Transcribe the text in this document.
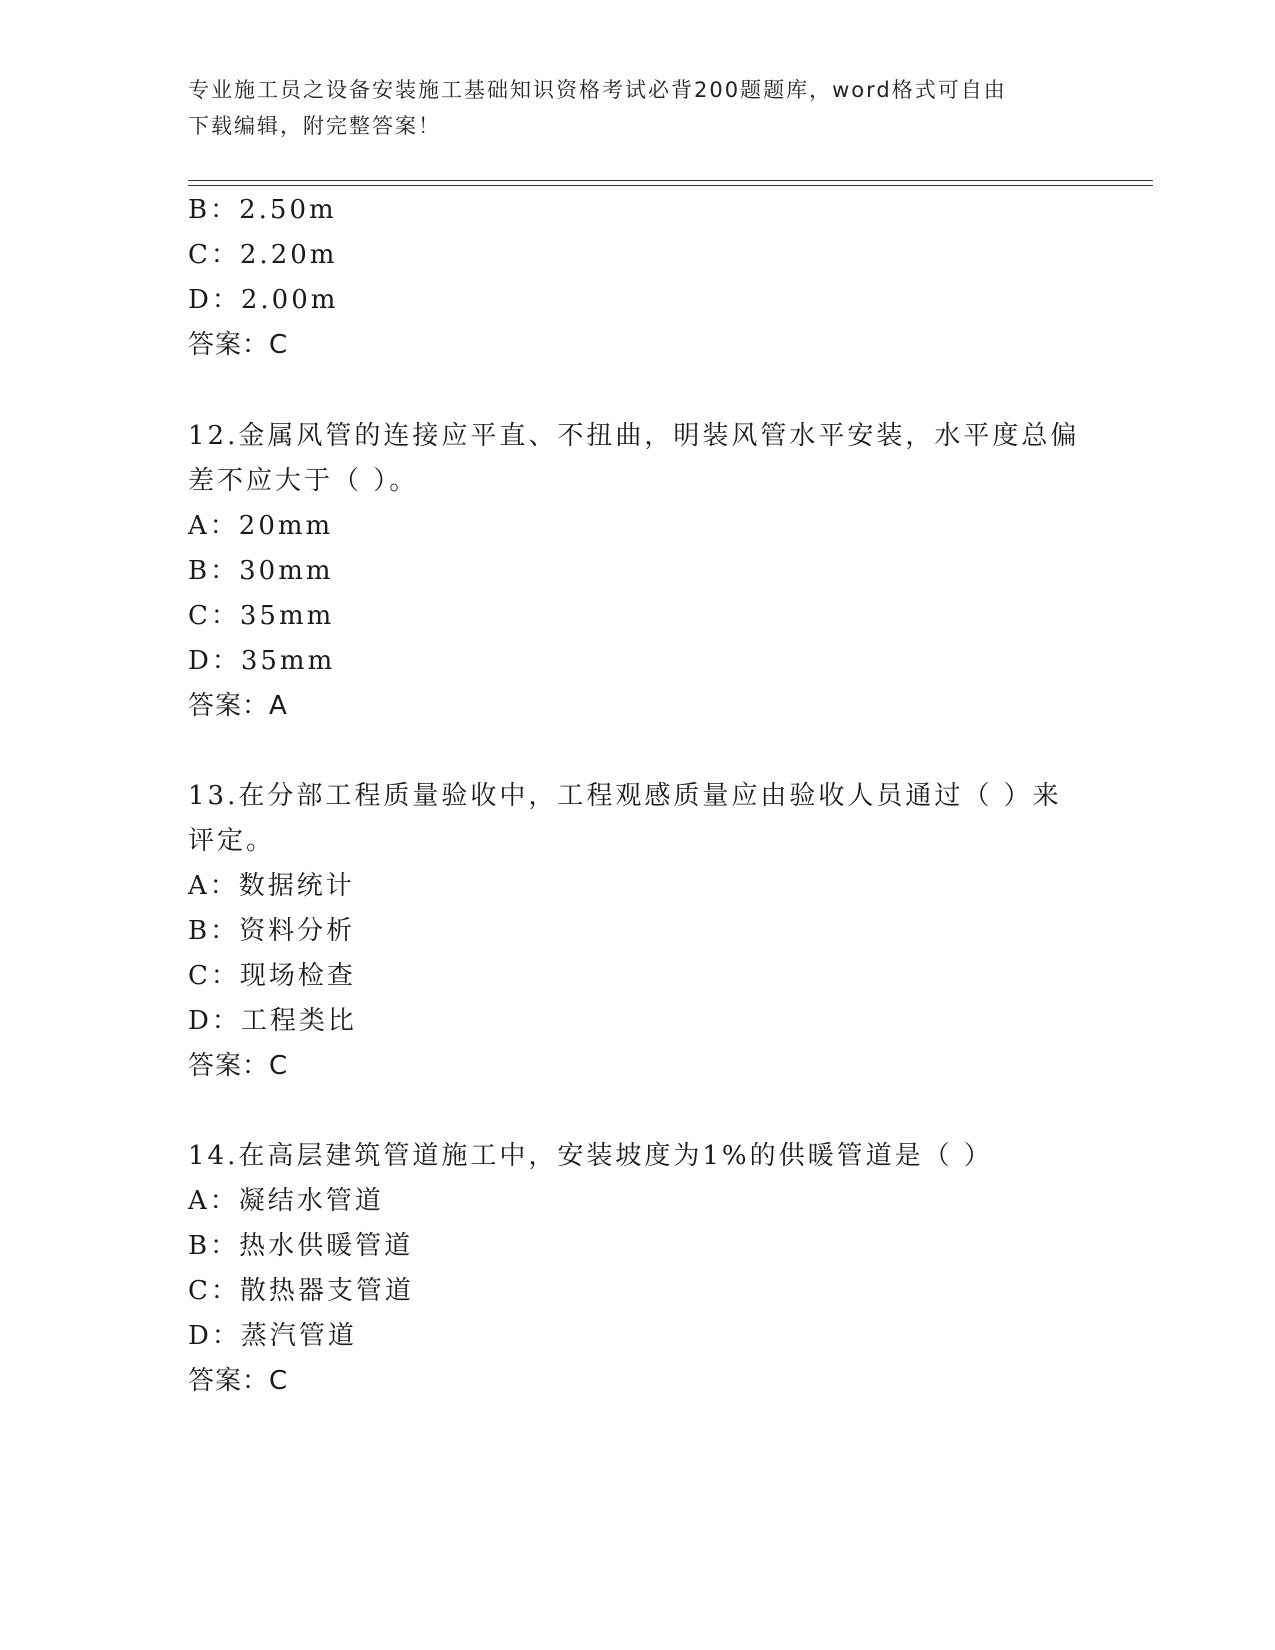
专业施工员之设备安装施工基础知识资格考试必背200题题库，word格式可自由
下载编辑，附完整答案！
B：2.50m
C：2.20m
D：2.00m
答案：C
12.金属风管的连接应平直、不扭曲，明装风管水平安装，水平度总偏
差不应大于（ ）。
A：20mm
B：30mm
C：35mm
D：35mm
答案：A
13.在分部工程质量验收中，工程观感质量应由验收人员通过（ ）来
评定。
A：数据统计
B：资料分析
C：现场检查
D：工程类比
答案：C
14.在高层建筑管道施工中，安装坡度为1%的供暖管道是（ ）
A：凝结水管道
B：热水供暖管道
C：散热器支管道
D：蒸汽管道
答案：C
